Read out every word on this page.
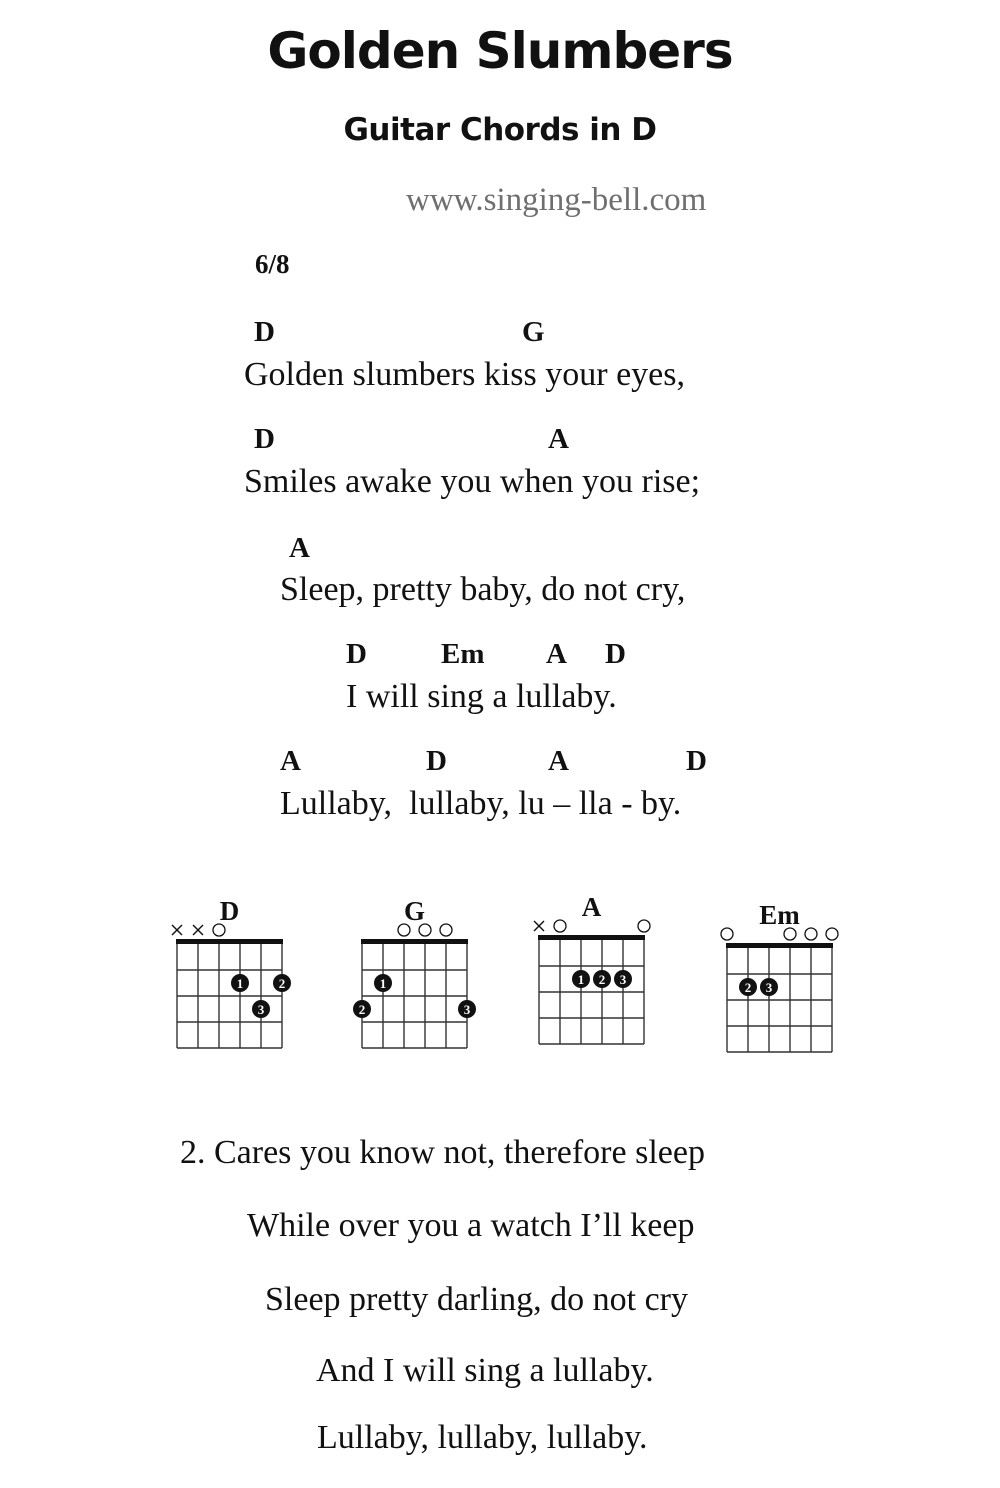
Golden Slumbers
Guitar Chords in D
www.singing-bell.com
6/8
D	G
Golden slumbers kiss your eyes,
D	A
Smiles awake you when you rise;
A
Sleep, pretty baby, do not cry,
D	Em A D
I will sing a lullaby.
A	D	A	D
Lullaby,  lullaby, lu – lla - by.
D
1	2
3
G
1
2	3
A
1 2 3
Em
2 3
2. Cares you know not, therefore sleep
While over you a watch I’ll keep
Sleep pretty darling, do not cry
And I will sing a lullaby.
Lullaby, lullaby, lullaby.
